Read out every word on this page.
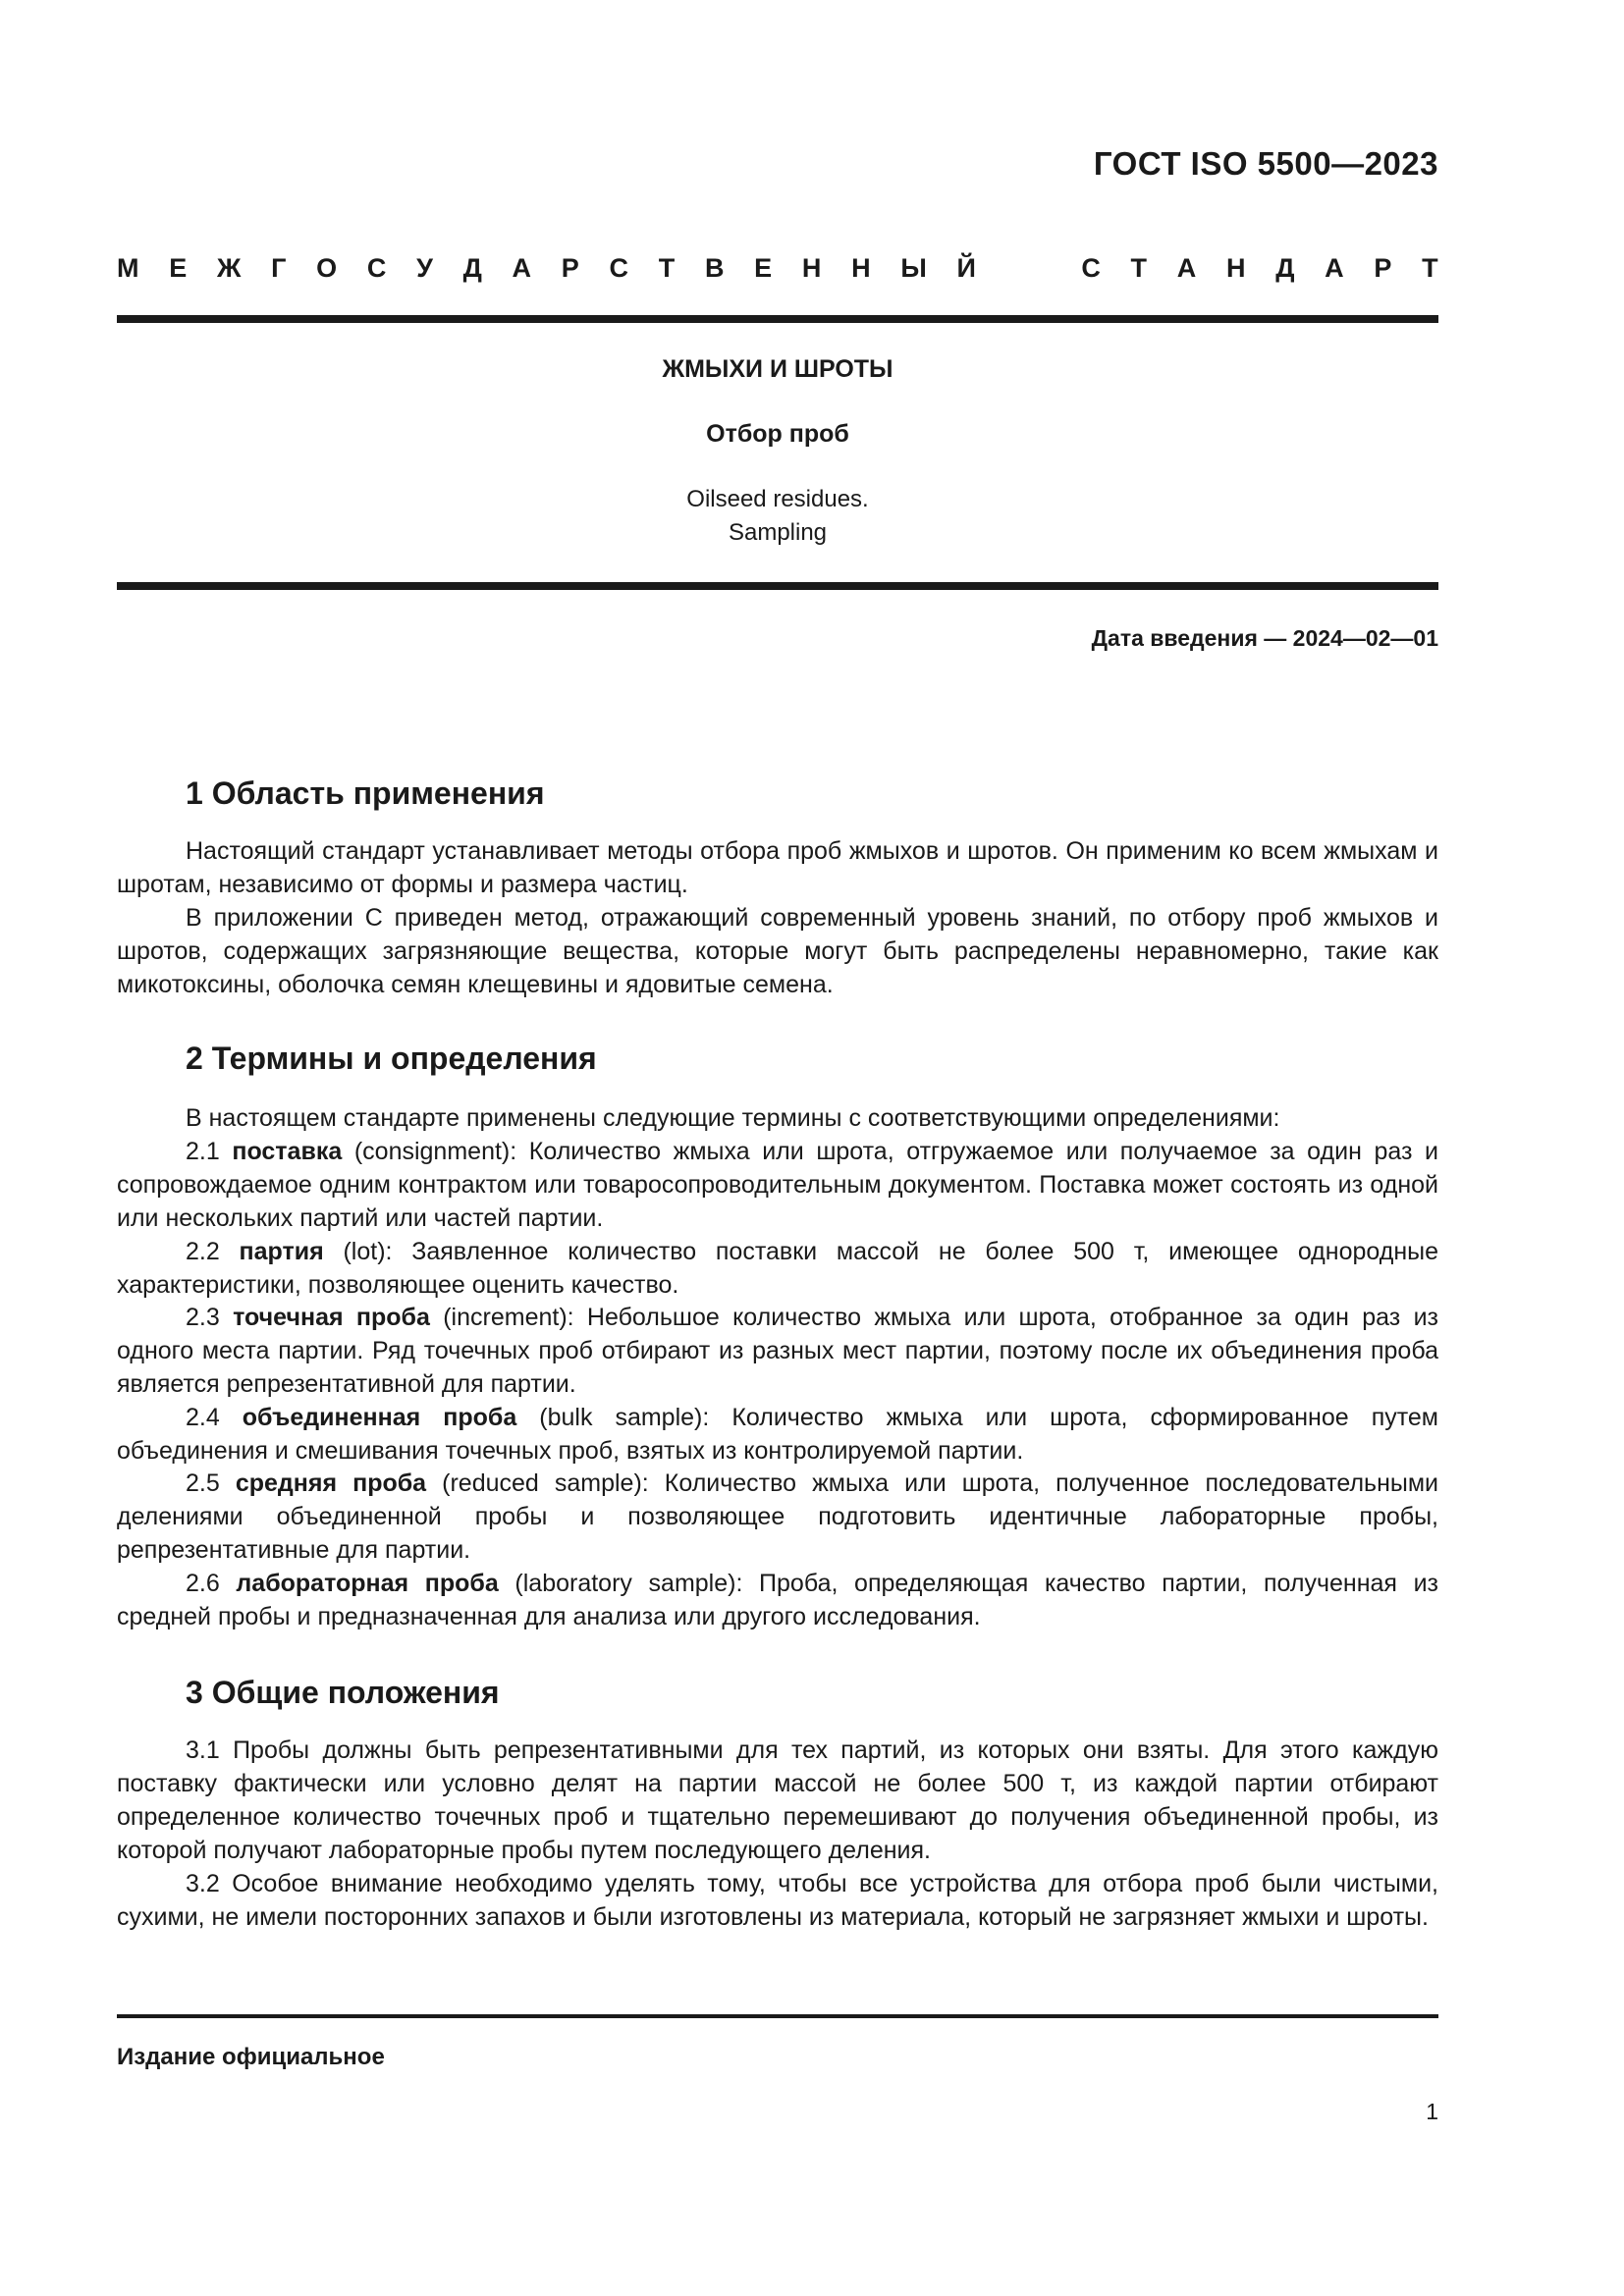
ГОСТ ISO 5500—2023
М Е Ж Г О С У Д А Р С Т В Е Н Н Ы Й	С Т А Н Д А Р Т
ЖМЫХИ И ШРОТЫ
Отбор проб
Oilseed residues.
Sampling
Дата введения — 2024—02—01
1 Область применения

Настоящий стандарт устанавливает методы отбора проб жмыхов и шротов. Он применим ко всем жмыхам и шротам, независимо от формы и размера частиц.

В приложении С приведен метод, отражающий современный уровень знаний, по отбору проб жмыхов и шротов, содержащих загрязняющие вещества, которые могут быть распределены неравномерно, такие как микотоксины, оболочка семян клещевины и ядовитые семена.

2 Термины и определения

В настоящем стандарте применены следующие термины с соответствующими определениями:

2.1 поставка (consignment): Количество жмыха или шрота, отгружаемое или получаемое за один раз и сопровождаемое одним контрактом или товаросопроводительным документом. Поставка может состоять из одной или нескольких партий или частей партии.

2.2 партия (lot): Заявленное количество поставки массой не более 500 т, имеющее однородные характеристики, позволяющее оценить качество.

2.3 точечная проба (increment): Небольшое количество жмыха или шрота, отобранное за один раз из одного места партии. Ряд точечных проб отбирают из разных мест партии, поэтому после их объединения проба является репрезентативной для партии.

2.4 объединенная проба (bulk sample): Количество жмыха или шрота, сформированное путем объединения и смешивания точечных проб, взятых из контролируемой партии.

2.5 средняя проба (reduced sample): Количество жмыха или шрота, полученное последовательными делениями объединенной пробы и позволяющее подготовить идентичные лабораторные пробы, репрезентативные для партии.

2.6 лабораторная проба (laboratory sample): Проба, определяющая качество партии, полученная из средней пробы и предназначенная для анализа или другого исследования.

3 Общие положения

3.1 Пробы должны быть репрезентативными для тех партий, из которых они взяты. Для этого каждую поставку фактически или условно делят на партии массой не более 500 т, из каждой партии отбирают определенное количество точечных проб и тщательно перемешивают до получения объединенной пробы, из которой получают лабораторные пробы путем последующего деления.

3.2 Особое внимание необходимо уделять тому, чтобы все устройства для отбора проб были чистыми, сухими, не имели посторонних запахов и были изготовлены из материала, который не загрязняет жмыхи и шроты.

Издание официальное
1
